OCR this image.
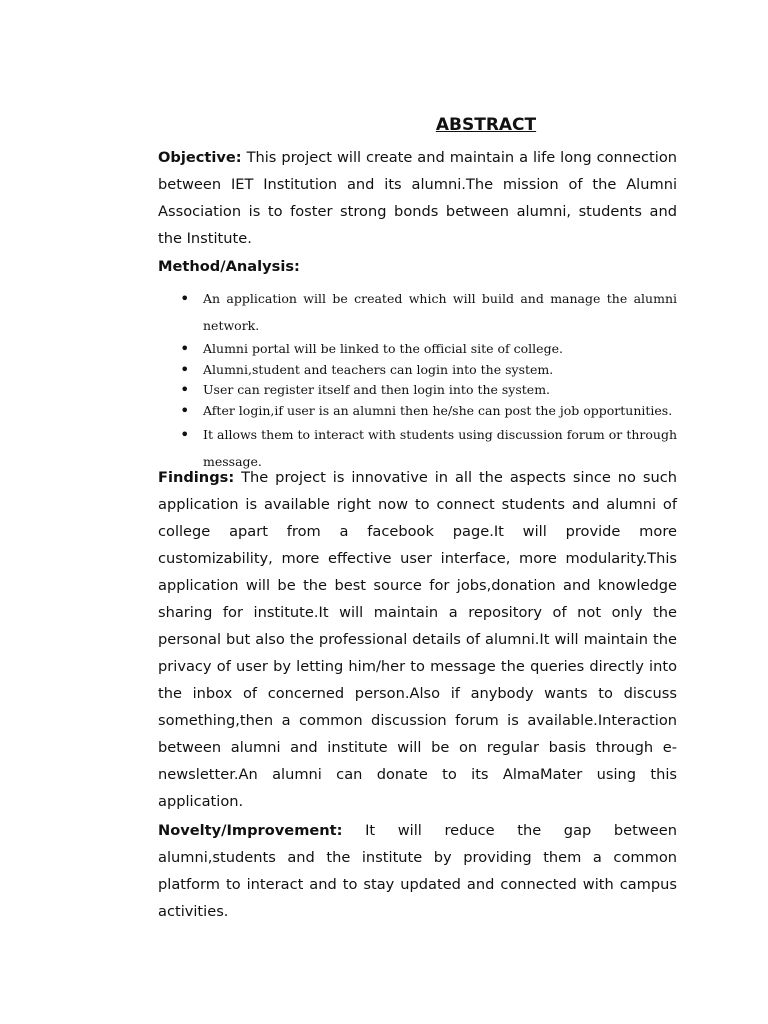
ABSTRACT
Objective: This project will create and maintain a life long connection between IET Institution and its alumni.The mission of the Alumni Association is to foster strong bonds between alumni, students and the Institute.
Method/Analysis:
• An application will be created which will build and manage the alumni network.
• Alumni portal will be linked to the official site of college.
• Alumni,student and teachers can login into the system.
• User can register itself and then login into the system.
• After login,if user is an alumni then he/she can post the job opportunities.
• It allows them to interact with students using discussion forum or through message.
Findings: The project is innovative in all the aspects since no such application is available right now to connect students and alumni of college apart from a facebook page.It will provide more customizability, more effective user interface, more modularity.This application will be the best source for jobs,donation and knowledge sharing for institute.It will maintain a repository of not only the personal but also the professional details of alumni.It will maintain the privacy of user by letting him/her to message the queries directly into the inbox of concerned person.Also if anybody wants to discuss something,then a common discussion forum is available.Interaction between alumni and institute will be on regular basis through e-newsletter.An alumni can donate to its AlmaMater using this application.
Novelty/Improvement: It will reduce the gap between alumni,students and the institute by providing them a common platform to interact and to stay updated and connected with campus activities.
